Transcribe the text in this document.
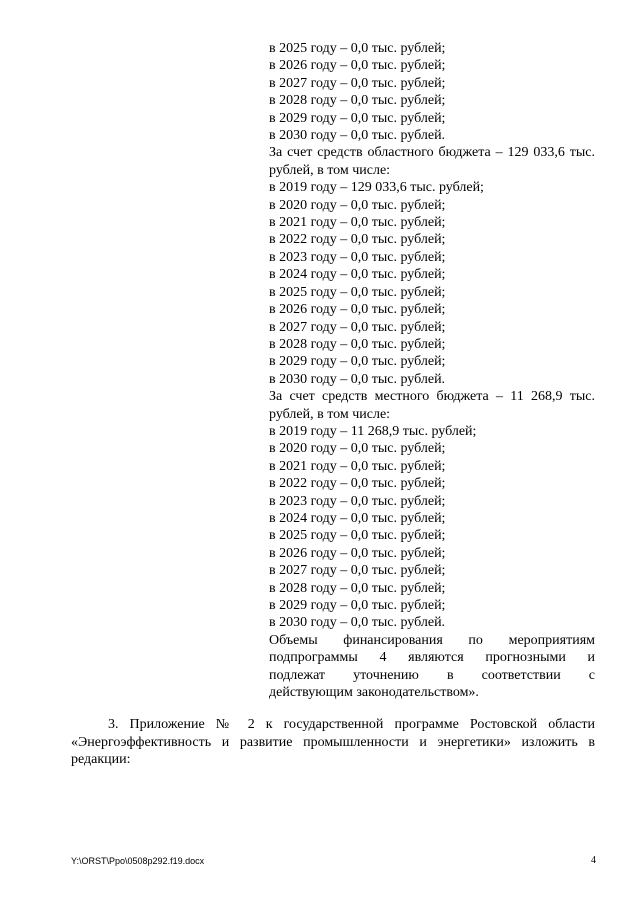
в 2025 году – 0,0 тыс. рублей;
в 2026 году – 0,0 тыс. рублей;
в 2027 году – 0,0 тыс. рублей;
в 2028 году – 0,0 тыс. рублей;
в 2029 году – 0,0 тыс. рублей;
в 2030 году – 0,0 тыс. рублей.
За счет средств областного бюджета – 129 033,6 тыс.
рублей, в том числе:
в 2019 году – 129 033,6 тыс. рублей;
в 2020 году – 0,0 тыс. рублей;
в 2021 году – 0,0 тыс. рублей;
в 2022 году – 0,0 тыс. рублей;
в 2023 году – 0,0 тыс. рублей;
в 2024 году – 0,0 тыс. рублей;
в 2025 году – 0,0 тыс. рублей;
в 2026 году – 0,0 тыс. рублей;
в 2027 году – 0,0 тыс. рублей;
в 2028 году – 0,0 тыс. рублей;
в 2029 году – 0,0 тыс. рублей;
в 2030 году – 0,0 тыс. рублей.
За счет средств местного бюджета – 11 268,9 тыс.
рублей, в том числе:
в 2019 году – 11 268,9 тыс. рублей;
в 2020 году – 0,0 тыс. рублей;
в 2021 году – 0,0 тыс. рублей;
в 2022 году – 0,0 тыс. рублей;
в 2023 году – 0,0 тыс. рублей;
в 2024 году – 0,0 тыс. рублей;
в 2025 году – 0,0 тыс. рублей;
в 2026 году – 0,0 тыс. рублей;
в 2027 году – 0,0 тыс. рублей;
в 2028 году – 0,0 тыс. рублей;
в 2029 году – 0,0 тыс. рублей;
в 2030 году – 0,0 тыс. рублей.
Объемы финансирования по мероприятиям
подпрограммы 4 являются прогнозными и
подлежат уточнению в соответствии с
действующим законодательством».
3. Приложение № 2 к государственной программе Ростовской области
«Энергоэффективность и развитие промышленности и энергетики» изложить в
редакции:
Y:\ORST\Ppo\0508p292.f19.docx	4
